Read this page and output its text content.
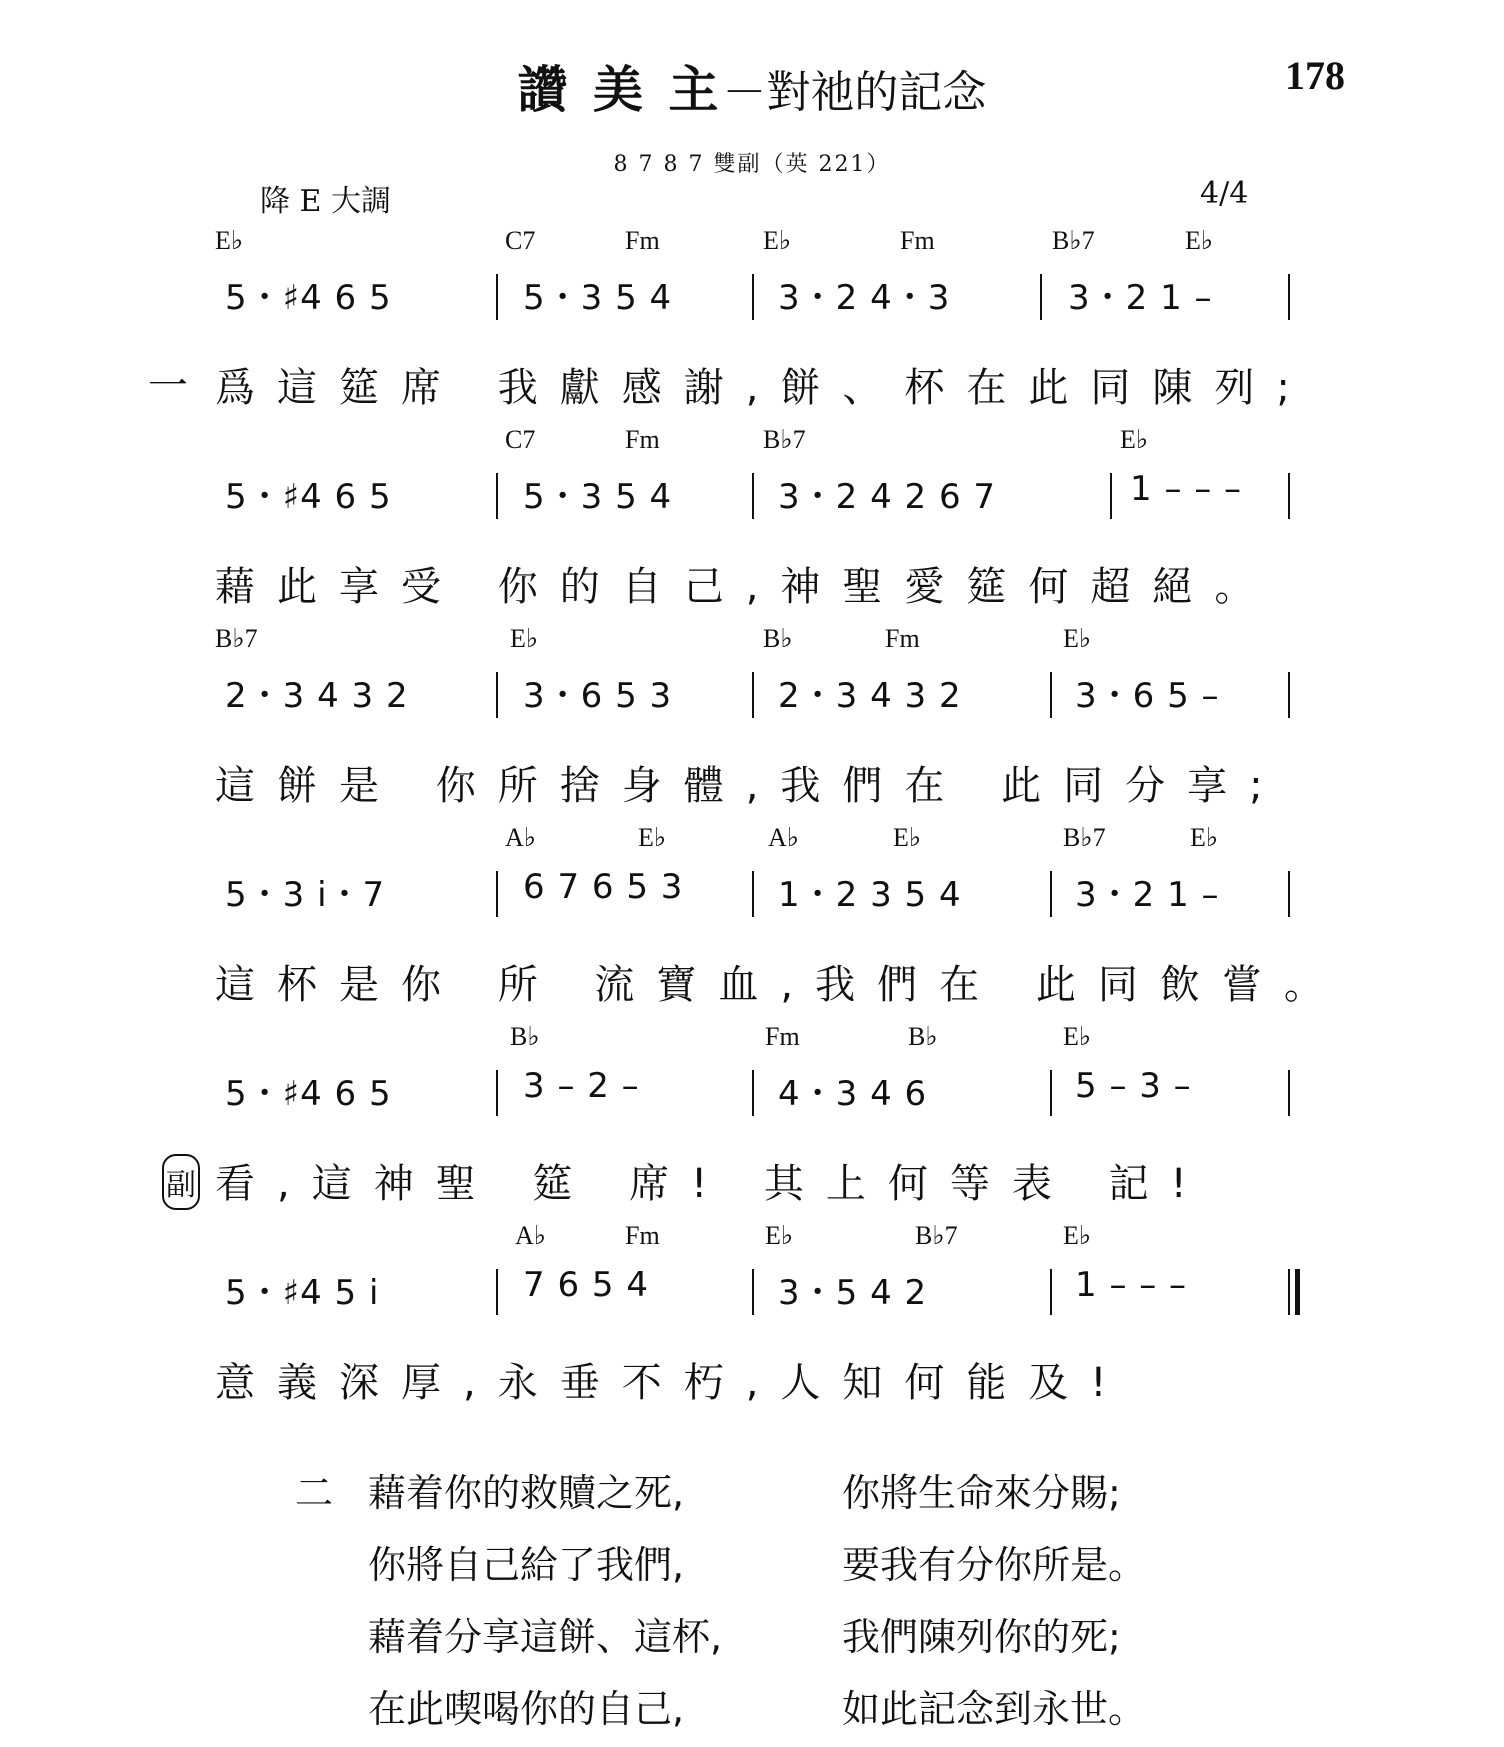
讚 美 主－對祂的記念	178
8 7 8 7 雙副（英 221）
降 E 大調	4/4
E♭	C7	Fm	E♭	Fm	B♭7	E♭
5・♯4 6 5	5・3 5 4	3・2 4・3	3・2 1 –
一 爲這筵席 我獻感謝,餅、杯在此同陳列;
C7	Fm	B♭7	E♭
5・♯4 6 5	5・3 5 4	3・2 4 2 6 7	1 – – –
藉此享受 你的自己,神聖愛筵何超絕。
B♭7	E♭	B♭	Fm	E♭
2・3 4 3 2	3・6 5 3	2・3 4 3 2	3・6 5 –
這餅是 你所捨身體,我們在 此同分享;
A♭	E♭	A♭	E♭	B♭7	E♭
5・3 i・7	6 7 6 5 3	1・2 3 5 4	3・2 1 –
這杯是你 所 流寶血,我們在 此同飲嘗。
B♭	Fm	B♭	E♭
5・♯4 6 5	3 – 2 –	4・3 4 6	5 – 3 –
副 看,這神聖 筵 席! 其上何等表 記!
A♭	Fm	E♭	B♭7	E♭
5・♯4 5 i	7 6 5 4	3・5 4 2	1 – – –
意義深厚,永垂不朽,人知何能及!
二 藉着你的救贖之死,	你將生命來分賜;
你將自己給了我們,	要我有分你所是。
藉着分享這餅、這杯,	我們陳列你的死;
在此喫喝你的自己,	如此記念到永世。
